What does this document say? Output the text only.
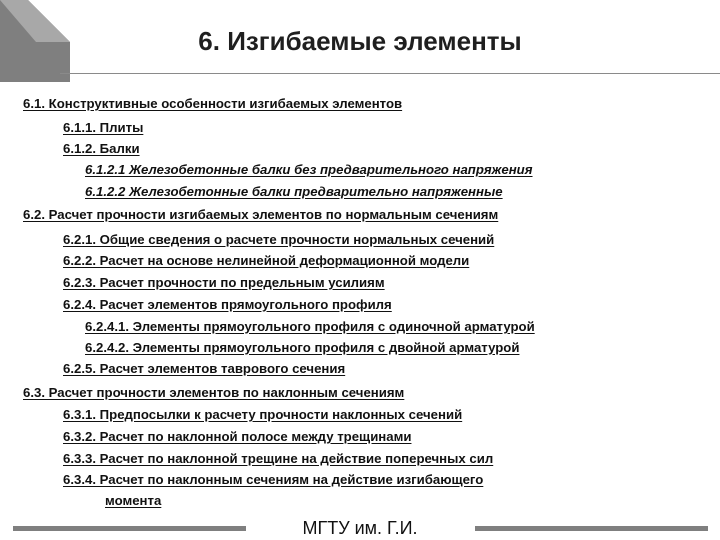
6. Изгибаемые элементы
6.1. Конструктивные особенности изгибаемых элементов
6.1.1. Плиты
6.1.2. Балки
6.1.2.1 Железобетонные балки без предварительного напряжения
6.1.2.2 Железобетонные балки предварительно напряженные
6.2. Расчет прочности изгибаемых элементов по нормальным сечениям
6.2.1. Общие сведения о расчете прочности нормальных сечений
6.2.2. Расчет на основе нелинейной деформационной модели
6.2.3. Расчет прочности по предельным усилиям
6.2.4. Расчет элементов прямоугольного профиля
6.2.4.1. Элементы прямоугольного профиля с одиночной арматурой
6.2.4.2. Элементы прямоугольного профиля с двойной арматурой
6.2.5. Расчет элементов таврового сечения
6.3. Расчет прочности элементов по наклонным сечениям
6.3.1. Предпосылки к расчету прочности наклонных сечений
6.3.2. Расчет по наклонной полосе между трещинами
6.3.3. Расчет по наклонной трещине на действие поперечных сил
6.3.4. Расчет по наклонным сечениям на действие изгибающего
момента
МГТУ им. Г.И.
